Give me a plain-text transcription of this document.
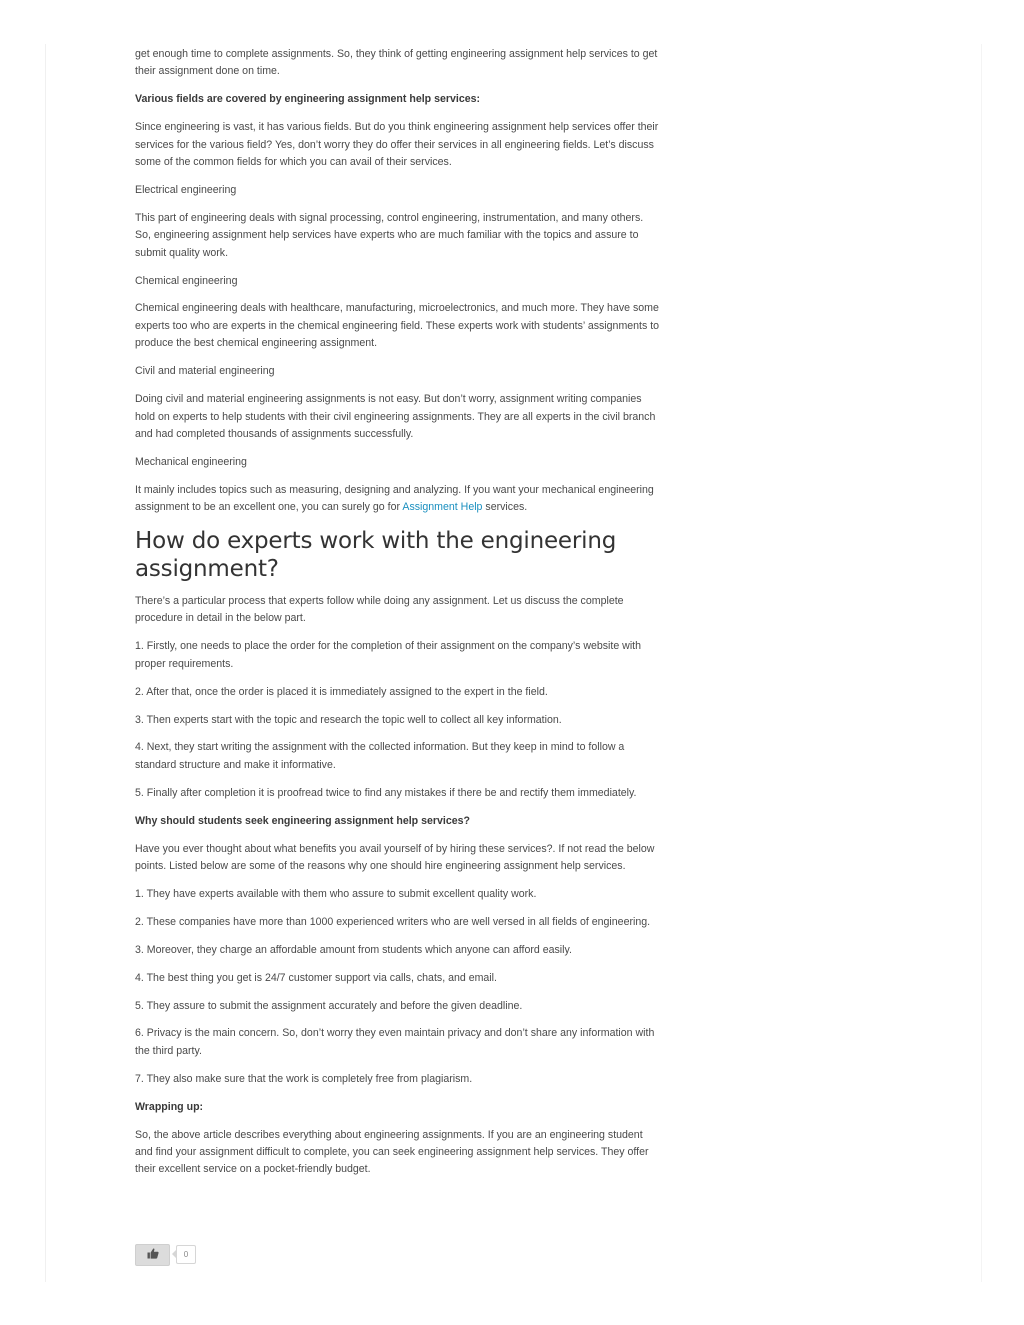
get enough time to complete assignments. So, they think of getting engineering assignment help services to get their assignment done on time.

Various fields are covered by engineering assignment help services:

Since engineering is vast, it has various fields. But do you think engineering assignment help services offer their services for the various field? Yes, don’t worry they do offer their services in all engineering fields. Let’s discuss some of the common fields for which you can avail of their services.

Electrical engineering

This part of engineering deals with signal processing, control engineering, instrumentation, and many others. So, engineering assignment help services have experts who are much familiar with the topics and assure to submit quality work.

Chemical engineering

Chemical engineering deals with healthcare, manufacturing, microelectronics, and much more. They have some experts too who are experts in the chemical engineering field. These experts work with students’ assignments to produce the best chemical engineering assignment.

Civil and material engineering

Doing civil and material engineering assignments is not easy. But don’t worry, assignment writing companies hold on experts to help students with their civil engineering assignments. They are all experts in the civil branch and had completed thousands of assignments successfully.

Mechanical engineering

It mainly includes topics such as measuring, designing and analyzing. If you want your mechanical engineering assignment to be an excellent one, you can surely go for Assignment Help services.

How do experts work with the engineering assignment?

There’s a particular process that experts follow while doing any assignment. Let us discuss the complete procedure in detail in the below part.

1. Firstly, one needs to place the order for the completion of their assignment on the company’s website with proper requirements.

2. After that, once the order is placed it is immediately assigned to the expert in the field.

3. Then experts start with the topic and research the topic well to collect all key information.

4. Next, they start writing the assignment with the collected information. But they keep in mind to follow a standard structure and make it informative.

5. Finally after completion it is proofread twice to find any mistakes if there be and rectify them immediately.

Why should students seek engineering assignment help services?

Have you ever thought about what benefits you avail yourself of by hiring these services?. If not read the below points. Listed below are some of the reasons why one should hire engineering assignment help services.

1. They have experts available with them who assure to submit excellent quality work.

2. These companies have more than 1000 experienced writers who are well versed in all fields of engineering.

3. Moreover, they charge an affordable amount from students which anyone can afford easily.

4. The best thing you get is 24/7 customer support via calls, chats, and email.

5. They assure to submit the assignment accurately and before the given deadline.

6. Privacy is the main concern. So, don’t worry they even maintain privacy and don’t share any information with the third party.

7. They also make sure that the work is completely free from plagiarism.

Wrapping up:

So, the above article describes everything about engineering assignments. If you are an engineering student and find your assignment difficult to complete, you can seek engineering assignment help services. They offer their excellent service on a pocket-friendly budget.

0
